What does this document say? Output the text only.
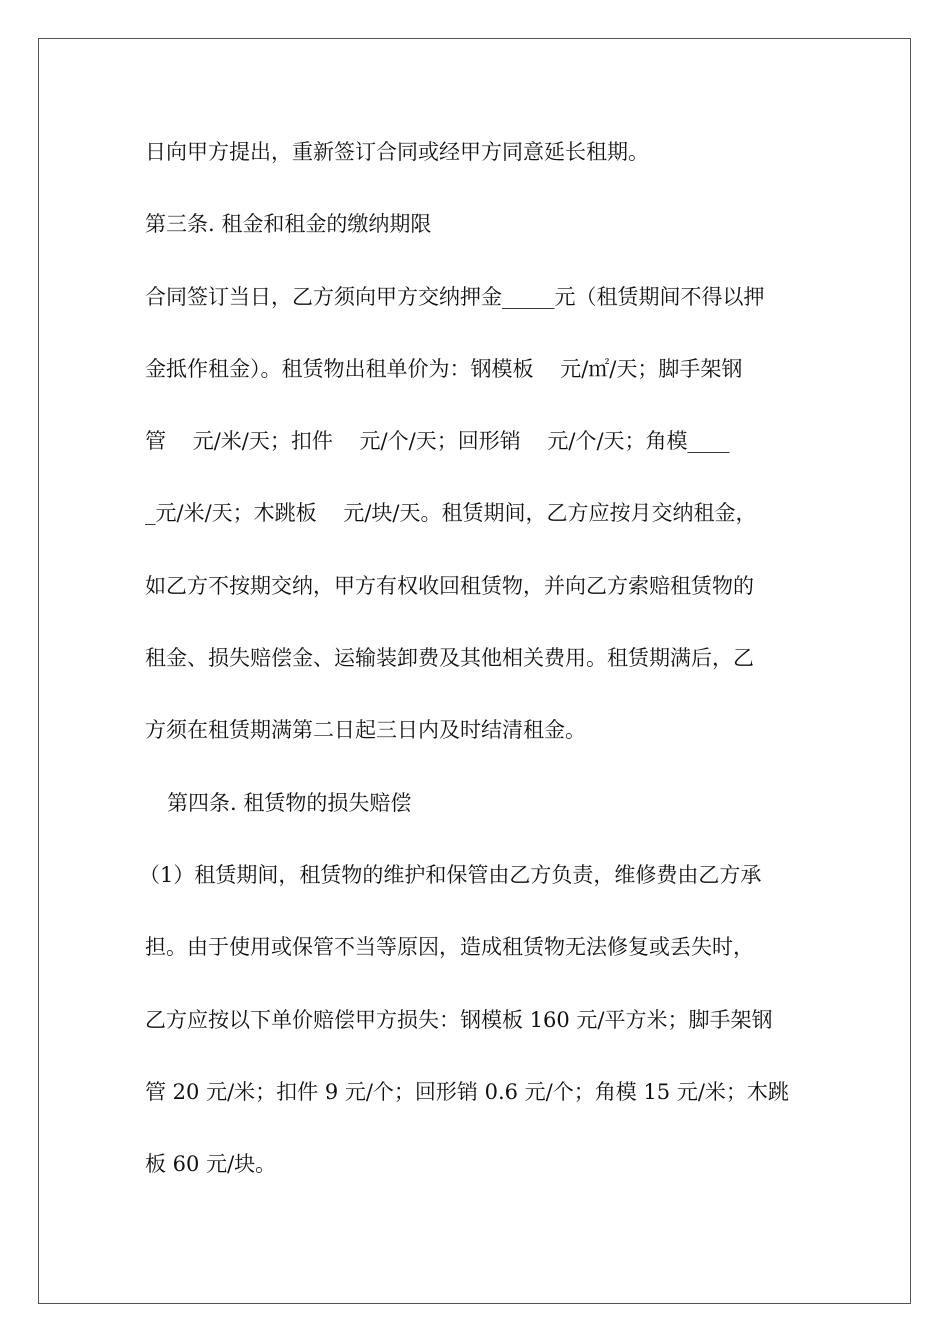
日向甲方提出，重新签订合同或经甲方同意延长租期。
第三条. 租金和租金的缴纳期限
合同签订当日，乙方须向甲方交纳押金_____元（租赁期间不得以押
金抵作租金）。租赁物出租单价为：钢模板    元/㎡/天；脚手架钢
管    元/米/天；扣件    元/个/天；回形销    元/个/天；角模____
_元/米/天；木跳板    元/块/天。租赁期间，乙方应按月交纳租金，
如乙方不按期交纳，甲方有权收回租赁物，并向乙方索赔租赁物的
租金、损失赔偿金、运输装卸费及其他相关费用。租赁期满后，乙
方须在租赁期满第二日起三日内及时结清租金。
第四条. 租赁物的损失赔偿
（1）租赁期间，租赁物的维护和保管由乙方负责，维修费由乙方承
担。由于使用或保管不当等原因，造成租赁物无法修复或丢失时，
乙方应按以下单价赔偿甲方损失：钢模板 160 元/平方米；脚手架钢
管 20 元/米；扣件 9 元/个；回形销 0.6 元/个；角模 15 元/米；木跳
板 60 元/块。
